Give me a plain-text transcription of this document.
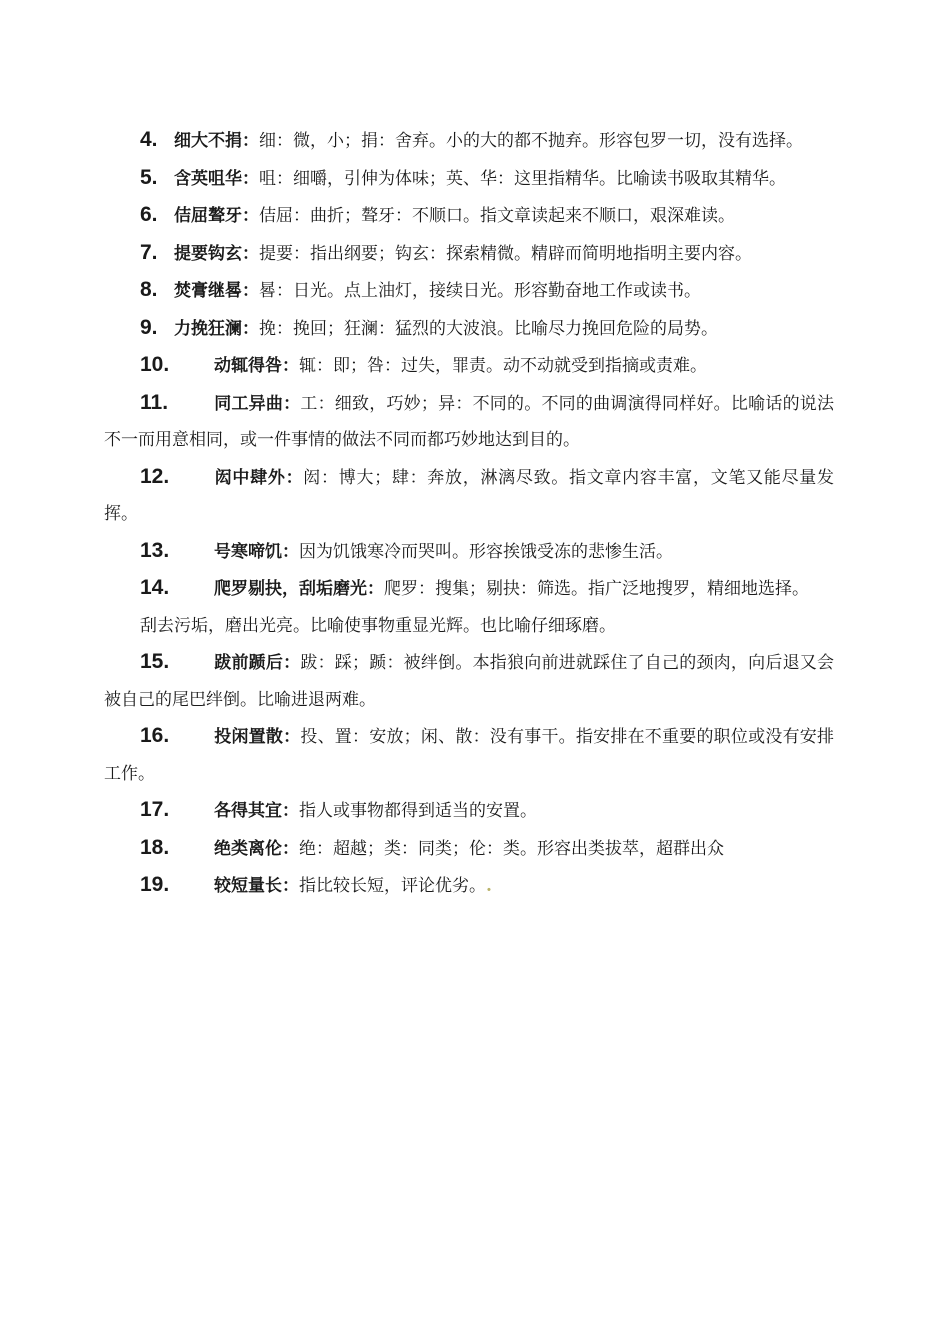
4. 细大不捐：细：微，小；捐：舍弃。小的大的都不抛弃。形容包罗一切，没有选择。

5. 含英咀华：咀：细嚼，引伸为体味；英、华：这里指精华。比喻读书吸取其精华。

6. 佶屈聱牙：佶屈：曲折；聱牙：不顺口。指文章读起来不顺口，艰深难读。

7. 提要钩玄：提要：指出纲要；钩玄：探索精微。精辟而简明地指明主要内容。

8. 焚膏继晷：晷：日光。点上油灯，接续日光。形容勤奋地工作或读书。

9. 力挽狂澜：挽：挽回；狂澜：猛烈的大波浪。比喻尽力挽回危险的局势。

10.	动辄得咎：辄：即；咎：过失，罪责。动不动就受到指摘或责难。

11.	同工异曲：工：细致，巧妙；异：不同的。不同的曲调演得同样好。比喻话的说法不一而用意相同，或一件事情的做法不同而都巧妙地达到目的。

12.	闳中肆外：闳：博大；肆：奔放，淋漓尽致。指文章内容丰富，文笔又能尽量发挥。

13.	号寒啼饥：因为饥饿寒冷而哭叫。形容挨饿受冻的悲惨生活。

14.	爬罗剔抉，刮垢磨光：爬罗：搜集；剔抉：筛选。指广泛地搜罗，精细地选择。

刮去污垢，磨出光亮。比喻使事物重显光辉。也比喻仔细琢磨。

15.	跋前踬后：跋：踩；踬：被绊倒。本指狼向前进就踩住了自己的颈肉，向后退又会被自己的尾巴绊倒。比喻进退两难。

16.	投闲置散：投、置：安放；闲、散：没有事干。指安排在不重要的职位或没有安排工作。

17.	各得其宜：指人或事物都得到适当的安置。

18.	绝类离伦：绝：超越；类：同类；伦：类。形容出类拔萃，超群出众

19.	较短量长：指比较长短，评论优劣。.
